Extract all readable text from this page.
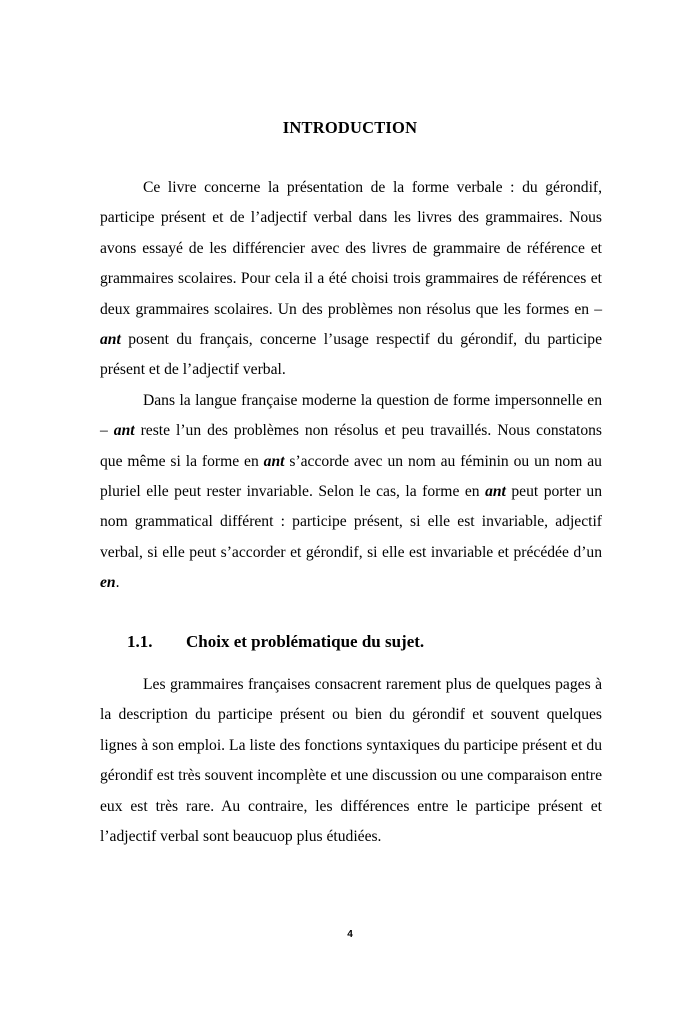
INTRODUCTION

Ce livre concerne la présentation de la forme verbale : du gérondif, participe présent et de l’adjectif verbal dans les livres des grammaires. Nous avons essayé de les différencier avec des livres de grammaire de référence et grammaires scolaires. Pour cela il a été choisi trois grammaires de références et deux grammaires scolaires. Un des problèmes non résolus que les formes en – ant posent du français, concerne l’usage respectif du gérondif, du participe présent et de l’adjectif verbal.

Dans la langue française moderne la question de forme impersonnelle en – ant reste l’un des problèmes non résolus et peu travaillés. Nous constatons que même si la forme en ant s’accorde avec un nom au féminin ou un nom au pluriel elle peut rester invariable. Selon le cas, la forme en ant peut porter un nom grammatical différent : participe présent, si elle est invariable, adjectif verbal, si elle peut s’accorder et gérondif, si elle est invariable et précédée d’un en.

1.1. Choix et problématique du sujet.

Les grammaires françaises consacrent rarement plus de quelques pages à la description du participe présent ou bien du gérondif et souvent quelques lignes à son emploi. La liste des fonctions syntaxiques du participe présent et du gérondif est très souvent incomplète et une discussion ou une comparaison entre eux est très rare. Au contraire, les différences entre le participe présent et l’adjectif verbal sont beaucuop plus étudiées.

4
